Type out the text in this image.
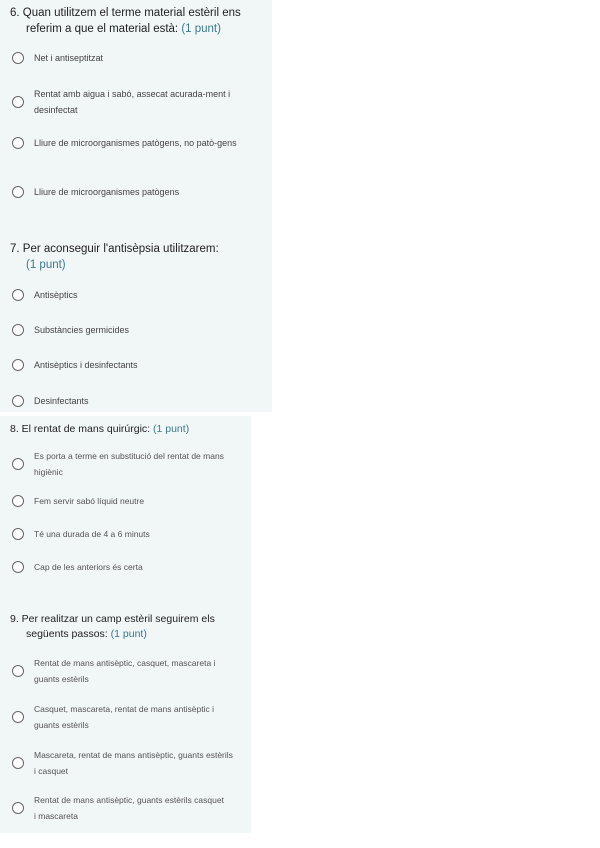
6. Quan utilitzem el terme material estèril ens referim a que el material està: (1 punt)
Net i antiseptitzat
Rentat amb aigua i sabó, assecat acurada-ment i desinfectat
Lliure de microorganismes patògens, no patò-gens
Lliure de microorganismes patògens
7. Per aconseguir l'antisèpsia utilitzarem:
(1 punt)
Antisèptics
Substàncies germicides
Antisèptics i desinfectants
Desinfectants
8. El rentat de mans quirúrgic: (1 punt)
Es porta a terme en substitució del rentat de mans higiènic
Fem servir sabó líquid neutre
Té una durada de 4 a 6 minuts
Cap de les anteriors és certa
9. Per realitzar un camp estèril seguirem els següents passos: (1 punt)
Rentat de mans antisèptic, casquet, mascareta i guants estèrils
Casquet, mascareta, rentat de mans antisèptic i guants estèrils
Mascareta, rentat de mans antisèptic, guants estèrils i casquet
Rentat de mans antisèptic, guants estèrils casquet i mascareta
